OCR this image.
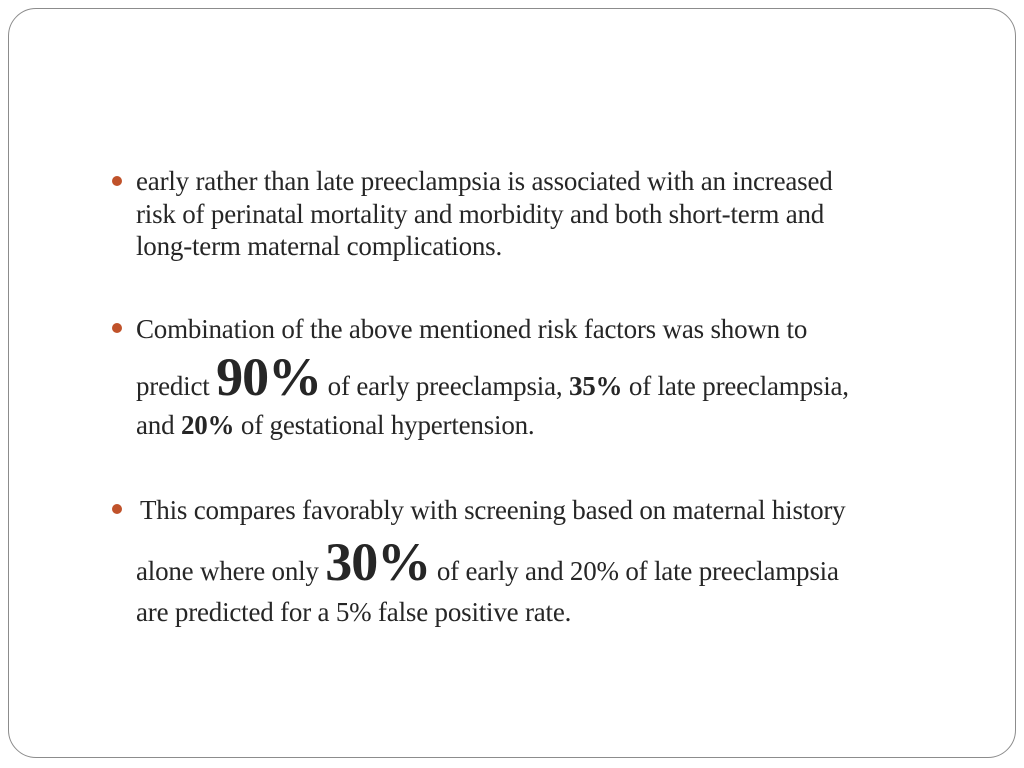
early rather than late preeclampsia is associated with an increased
risk of perinatal mortality and morbidity and both short-term and
long-term maternal complications.
Combination of the above mentioned risk factors was shown to
predict 90% of early preeclampsia, 35% of late preeclampsia,
and 20% of gestational hypertension.
This compares favorably with screening based on maternal history
alone where only 30% of early and 20% of late preeclampsia
are predicted for a 5% false positive rate.
